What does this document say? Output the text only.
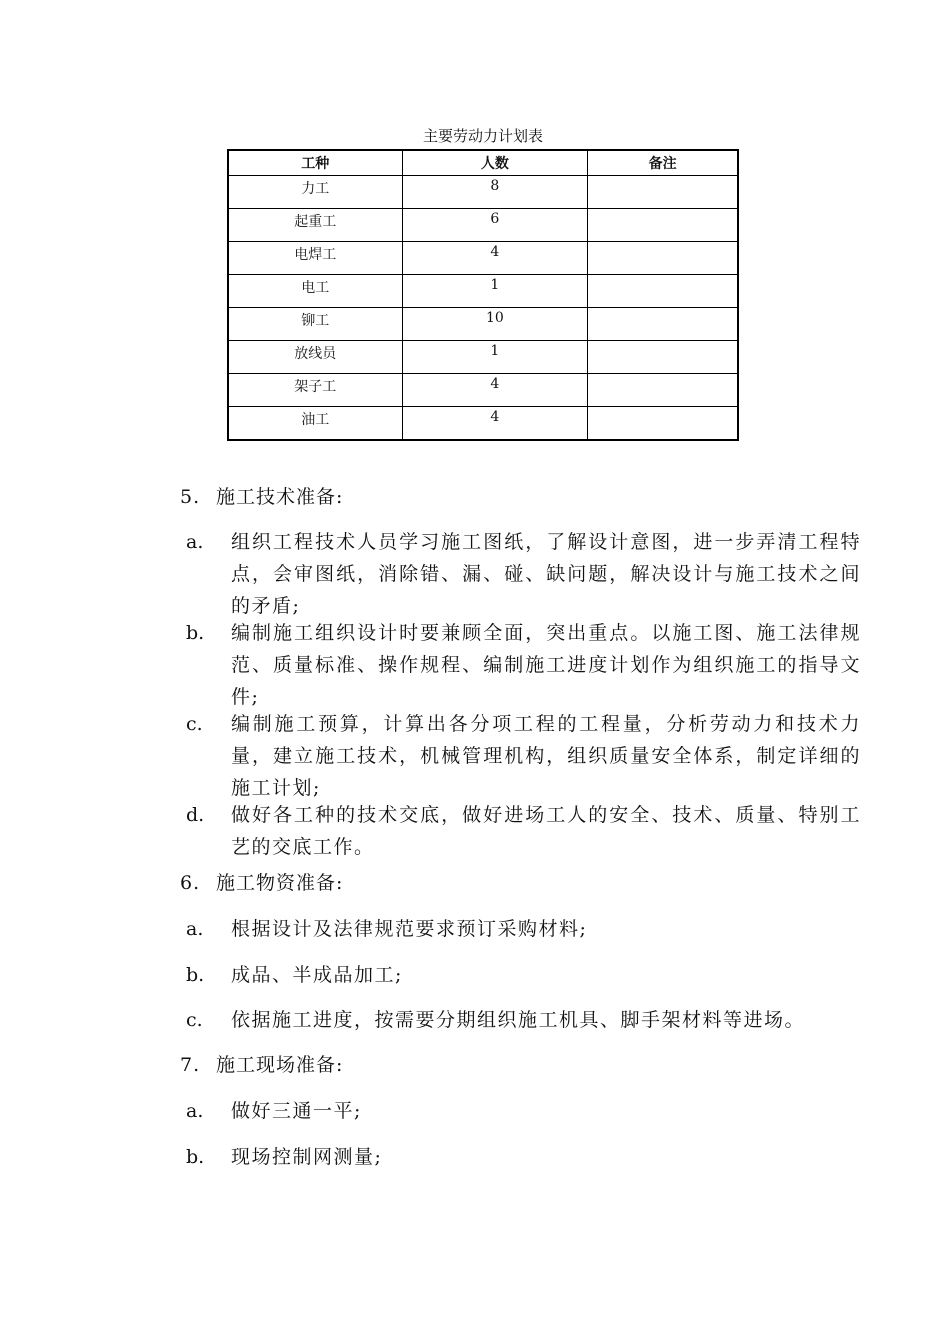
主要劳动力计划表
工种	人数	备注
力工	8	
起重工	6	
电焊工	4	
电工	1	
铆工	10	
放线员	1	
架子工	4	
油工	4	
5. 施工技术准备:
a.	组织工程技术人员学习施工图纸，了解设计意图，进一步弄清工程特点，会审图纸，消除错、漏、碰、缺问题，解决设计与施工技术之间的矛盾;
b.	编制施工组织设计时要兼顾全面，突出重点。以施工图、施工法律规范、质量标准、操作规程、编制施工进度计划作为组织施工的指导文件;
c.	编制施工预算，计算出各分项工程的工程量，分析劳动力和技术力量，建立施工技术，机械管理机构，组织质量安全体系，制定详细的施工计划;
d.	做好各工种的技术交底，做好进场工人的安全、技术、质量、特别工艺的交底工作。
6. 施工物资准备:
a.	根据设计及法律规范要求预订采购材料;
b.	成品、半成品加工;
c.	依据施工进度，按需要分期组织施工机具、脚手架材料等进场。
7. 施工现场准备:
a.	做好三通一平;
b.	现场控制网测量;
